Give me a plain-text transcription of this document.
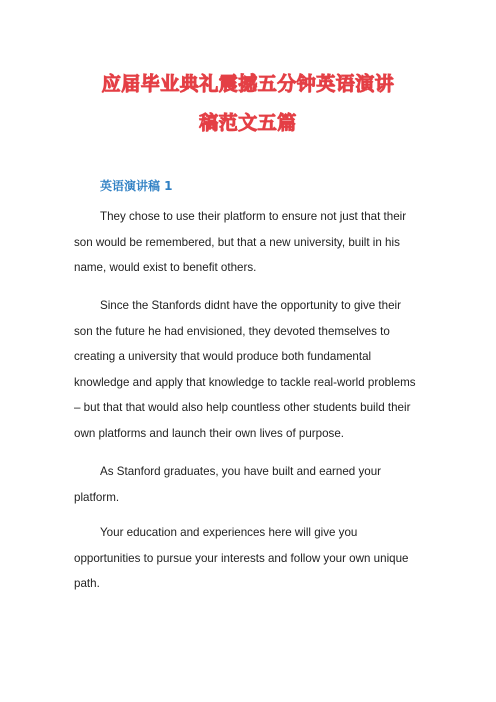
应届毕业典礼震撼五分钟英语演讲
稿范文五篇
英语演讲稿 1

They chose to use their platform to ensure not just that their
son would be remembered, but that a new university, built in his
name, would exist to benefit others.

Since the Stanfords didnt have the opportunity to give their
son the future he had envisioned, they devoted themselves to
creating a university that would produce both fundamental
knowledge and apply that knowledge to tackle real-world problems
– but that that would also help countless other students build their
own platforms and launch their own lives of purpose.

As Stanford graduates, you have built and earned your
platform.

Your education and experiences here will give you
opportunities to pursue your interests and follow your own unique
path.
